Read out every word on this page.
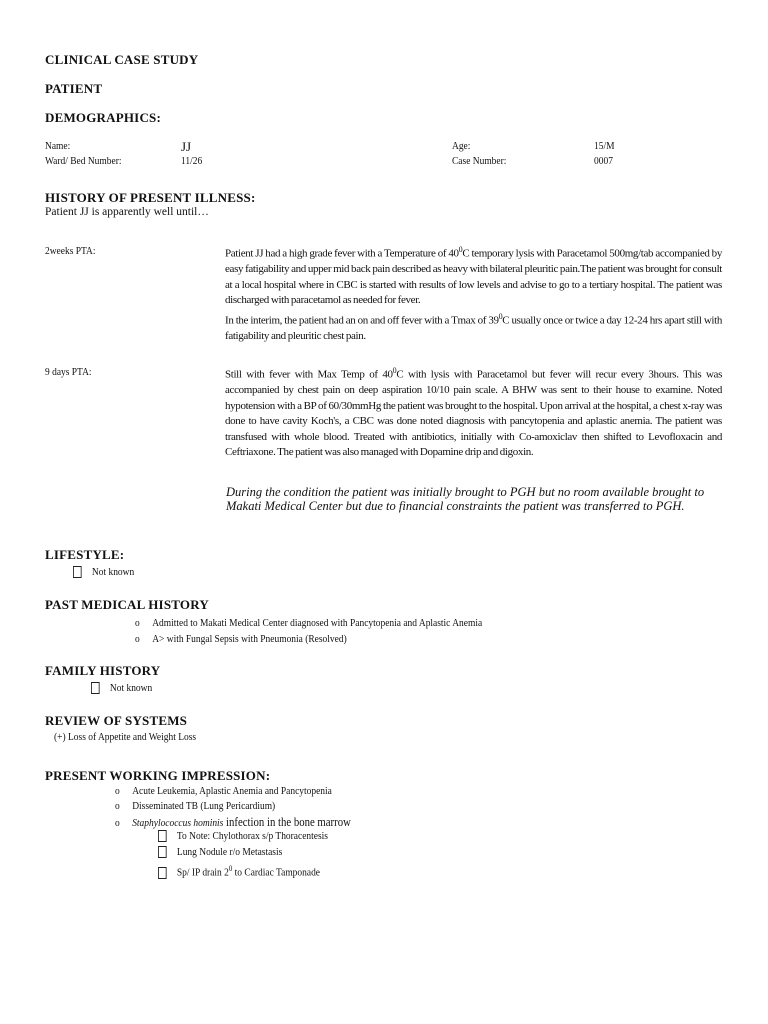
CLINICAL CASE STUDY
PATIENT
DEMOGRAPHICS:
Name:	JJ
Ward/ Bed Number:	11/26
Age:	15/M
Case Number:	0007
HISTORY OF PRESENT ILLNESS:
Patient JJ is apparently well until…
2weeks PTA:	Patient JJ had a high grade fever with a Temperature of $40^0C$ temporary lysis with Paracetamol 500mg/tab accompanied by easy fatigability and upper mid back pain described as heavy with bilateral pleuritic pain.The patient was brought for consult at a local hospital where in CBC is started with results of low levels and advise to go to a tertiary hospital. The patient was discharged with paracetamol as needed for fever.

In the interim, the patient had an on and off fever with a Tmax of $39^0C$ usually once or twice a day 12-24 hrs apart still with fatigability and pleuritic chest pain.

9 days PTA:	Still with fever with Max Temp of $40^0C$ with lysis with Paracetamol but fever will recur every 3hours. This was accompanied by chest pain on deep aspiration 10/10 pain scale. A BHW was sent to their house to examine. Noted hypotension with a BP of 60/30mmHg the patient was brought to the hospital. Upon arrival at the hospital, a chest x-ray was done to have cavity Koch's, a CBC was done noted diagnosis with pancytopenia and aplastic anemia. The patient was transfused with whole blood. Treated with antibiotics, initially with Co-amoxiclav then shifted to Levofloxacin and Ceftriaxone. The patient was also managed with Dopamine drip and digoxin.

During the condition the patient was initially brought to PGH but no room available brought to Makati Medical Center but due to financial constraints the patient was transferred to PGH.
LIFESTYLE:
Not known
PAST MEDICAL HISTORY
o Admitted to Makati Medical Center diagnosed with Pancytopenia and Aplastic Anemia
o A> with Fungal Sepsis with Pneumonia (Resolved)
FAMILY HISTORY
Not known
REVIEW OF SYSTEMS
(+) Loss of Appetite and Weight Loss
PRESENT WORKING IMPRESSION:
o Acute Leukemia, Aplastic Anemia and Pancytopenia
o Disseminated TB (Lung Pericardium)
o Staphylococcus hominis infection in the bone marrow
To Note: Chylothorax s/p Thoracentesis
Lung Nodule r/o Metastasis
Sp/ IP drain $2^0$ to Cardiac Tamponade
